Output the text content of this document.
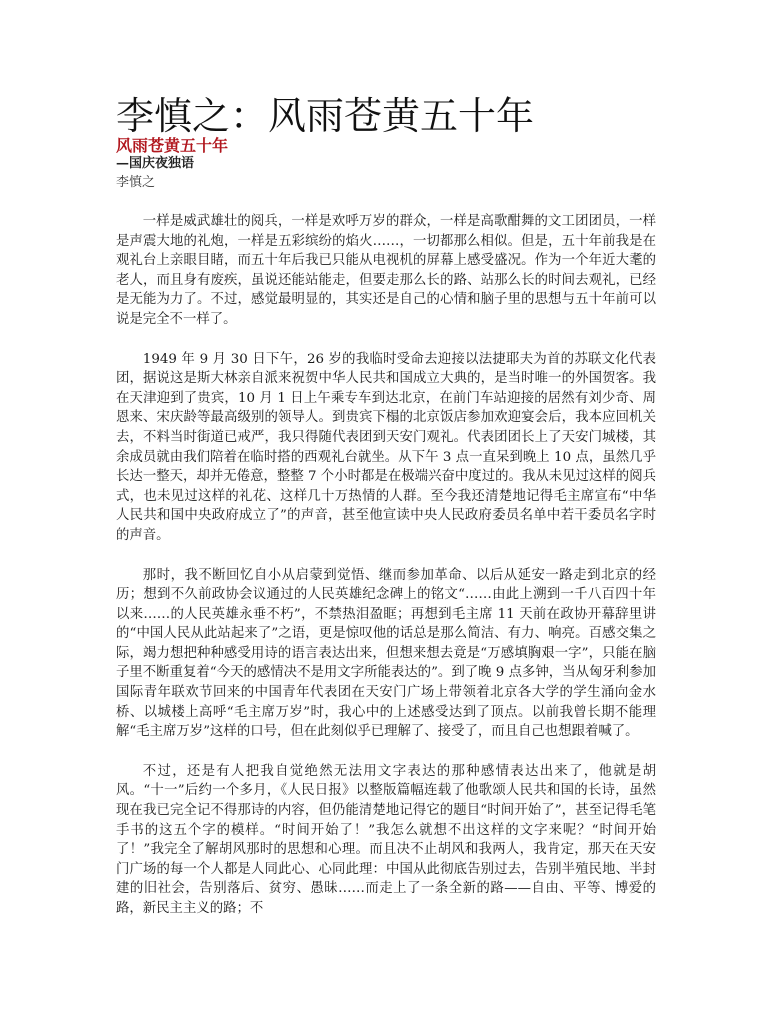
李慎之：风雨苍黄五十年
风雨苍黄五十年
—国庆夜独语
李慎之

一样是威武雄壮的阅兵，一样是欢呼万岁的群众，一样是高歌酣舞的文工团团员，一样是声震大地的礼炮，一样是五彩缤纷的焰火……，一切都那么相似。但是，五十年前我是在观礼台上亲眼目睹，而五十年后我已只能从电视机的屏幕上感受盛况。作为一个年近大耄的老人，而且身有废疾，虽说还能站能走，但要走那么长的路、站那么长的时间去观礼，已经是无能为力了。不过，感觉最明显的，其实还是自己的心情和脑子里的思想与五十年前可以说是完全不一样了。

1949 年 9 月 30 日下午，26 岁的我临时受命去迎接以法捷耶夫为首的苏联文化代表团，据说这是斯大林亲自派来祝贺中华人民共和国成立大典的，是当时唯一的外国贺客。我在天津迎到了贵宾，10 月 1 日上午乘专车到达北京，在前门车站迎接的居然有刘少奇、周恩来、宋庆龄等最高级别的领导人。到贵宾下榻的北京饭店参加欢迎宴会后，我本应回机关去，不料当时街道已戒严，我只得随代表团到天安门观礼。代表团团长上了天安门城楼，其余成员就由我们陪着在临时搭的西观礼台就坐。从下午 3 点一直呆到晚上 10 点，虽然几乎长达一整天，却并无倦意，整整 7 个小时都是在极端兴奋中度过的。我从未见过这样的阅兵式，也未见过这样的礼花、这样几十万热情的人群。至今我还清楚地记得毛主席宣布“中华人民共和国中央政府成立了”的声音，甚至他宣读中央人民政府委员名单中若干委员名字时的声音。

那时，我不断回忆自小从启蒙到觉悟、继而参加革命、以后从延安一路走到北京的经历；想到不久前政协会议通过的人民英雄纪念碑上的铭文“……由此上溯到一千八百四十年以来……的人民英雄永垂不朽”，不禁热泪盈眶；再想到毛主席 11 天前在政协开幕辞里讲的“中国人民从此站起来了”之语，更是惊叹他的话总是那么简洁、有力、响亮。百感交集之际，竭力想把种种感受用诗的语言表达出来，但想来想去竟是“万感填胸艰一字”，只能在脑子里不断重复着“今天的感情决不是用文字所能表达的”。到了晚 9 点多钟，当从匈牙利参加国际青年联欢节回来的中国青年代表团在天安门广场上带领着北京各大学的学生涌向金水桥、以城楼上高呼“毛主席万岁”时，我心中的上述感受达到了顶点。以前我曾长期不能理解“毛主席万岁”这样的口号，但在此刻似乎已理解了、接受了，而且自己也想跟着喊了。

不过，还是有人把我自觉绝然无法用文字表达的那种感情表达出来了，他就是胡风。“十一”后约一个多月，《人民日报》以整版篇幅连载了他歌颂人民共和国的长诗，虽然现在我已完全记不得那诗的内容，但仍能清楚地记得它的题目“时间开始了”，甚至记得毛笔手书的这五个字的模样。“时间开始了！”我怎么就想不出这样的文字来呢？“时间开始了！”我完全了解胡风那时的思想和心理。而且决不止胡风和我两人，我肯定，那天在天安门广场的每一个人都是人同此心、心同此理：中国从此彻底告别过去，告别半殖民地、半封建的旧社会，告别落后、贫穷、愚昧……而走上了一条全新的路——自由、平等、博爱的路，新民主主义的路；不
